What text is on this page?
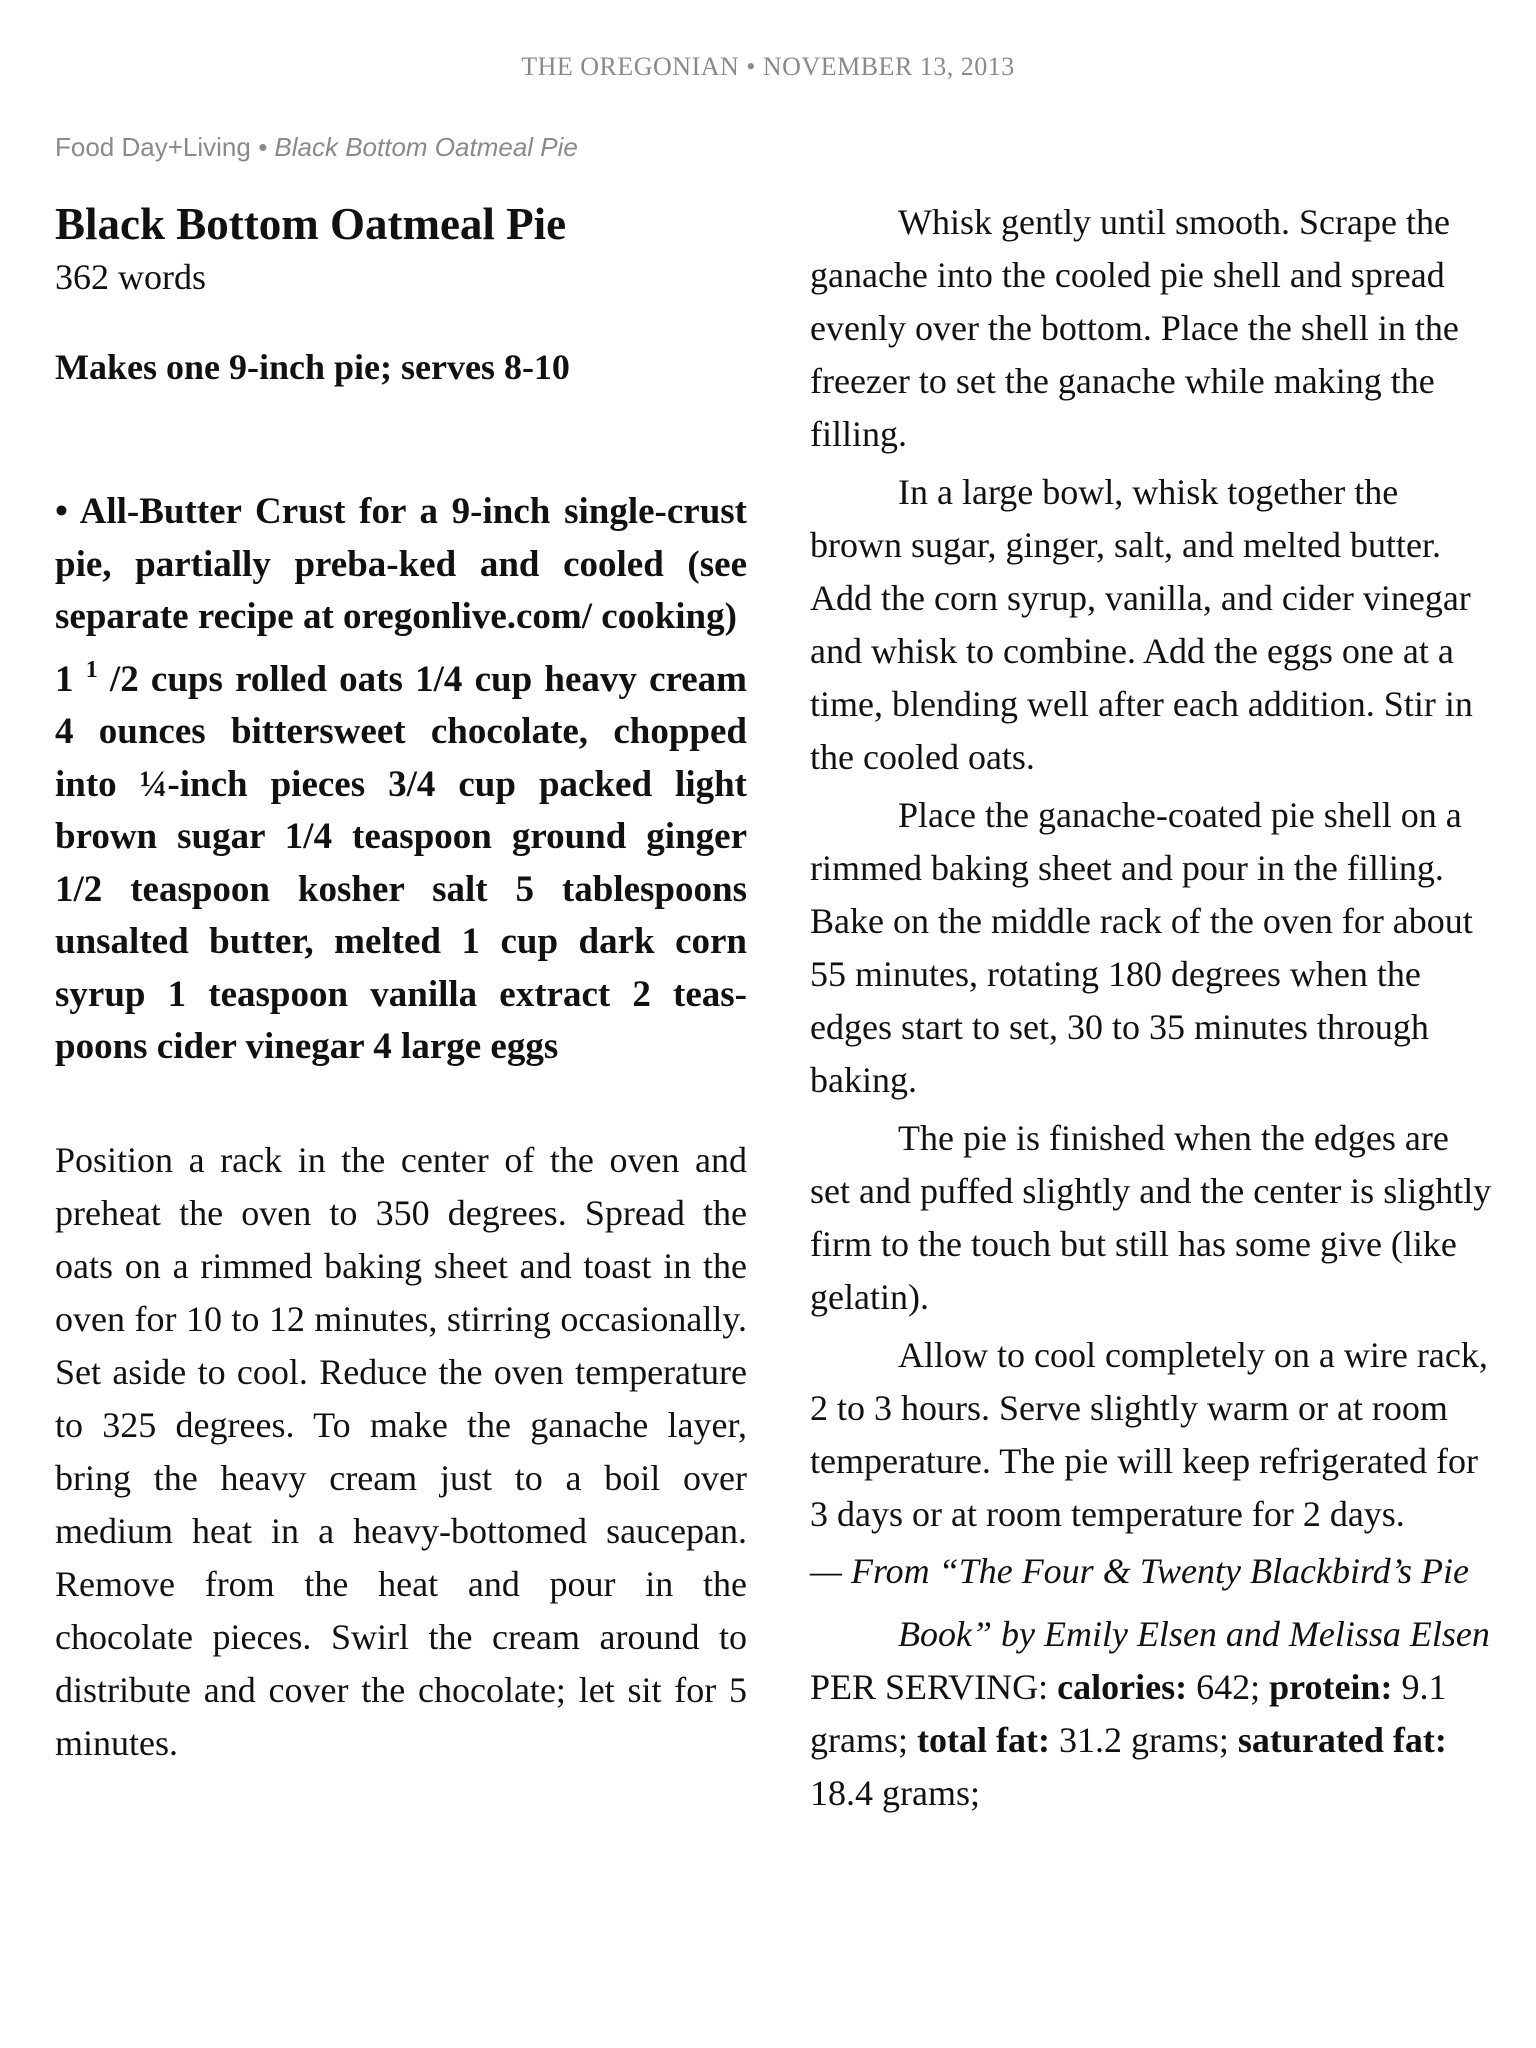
THE OREGONIAN • NOVEMBER 13, 2013
Food Day+Living • Black Bottom Oatmeal Pie
Black Bottom Oatmeal Pie

362 words

Makes one 9-inch pie; serves 8-10

• All-Butter Crust for a 9-inch single-crust pie, partially preba-ked and cooled (see separate recipe at oregonlive.com/ cooking)

1 $^1$ /2 cups rolled oats 1/4 cup heavy cream 4 ounces bittersweet chocolate, chopped into ¼-inch pieces 3/4 cup packed light brown sugar 1/4 teaspoon ground ginger 1/2 teaspoon kosher salt 5 tablespoons unsalted butter, melted 1 cup dark corn syrup 1 teaspoon vanilla extract 2 teas-poons cider vinegar 4 large eggs

Position a rack in the center of the oven and preheat the oven to 350 degrees. Spread the oats on a rimmed baking sheet and toast in the oven for 10 to 12 minutes, stirring occasionally. Set aside to cool. Reduce the oven temperature to 325 degrees. To make the ganache layer, bring the heavy cream just to a boil over medium heat in a heavy-bottomed saucepan. Remove from the heat and pour in the chocolate pieces. Swirl the cream around to distribute and cover the chocolate; let sit for 5 minutes.

Whisk gently until smooth. Scrape the ganache into the cooled pie shell and spread evenly over the bottom. Place the shell in the freezer to set the ganache while making the filling.

In a large bowl, whisk together the brown sugar, ginger, salt, and melted butter. Add the corn syrup, vanilla, and cider vinegar and whisk to combine. Add the eggs one at a time, blending well after each addition. Stir in the cooled oats.

Place the ganache-coated pie shell on a rimmed baking sheet and pour in the filling. Bake on the middle rack of the oven for about 55 minutes, rotating 180 degrees when the edges start to set, 30 to 35 minutes through baking.

The pie is finished when the edges are set and puffed slightly and the center is slightly firm to the touch but still has some give (like gelatin).

Allow to cool completely on a wire rack, 2 to 3 hours. Serve slightly warm or at room temperature. The pie will keep refrigerated for 3 days or at room temperature for 2 days.

— From “The Four & Twenty Blackbird’s Pie

Book” by Emily Elsen and Melissa Elsen

PER SERVING: calories: 642; protein: 9.1 grams; total fat: 31.2 grams; saturated fat: 18.4 grams;
